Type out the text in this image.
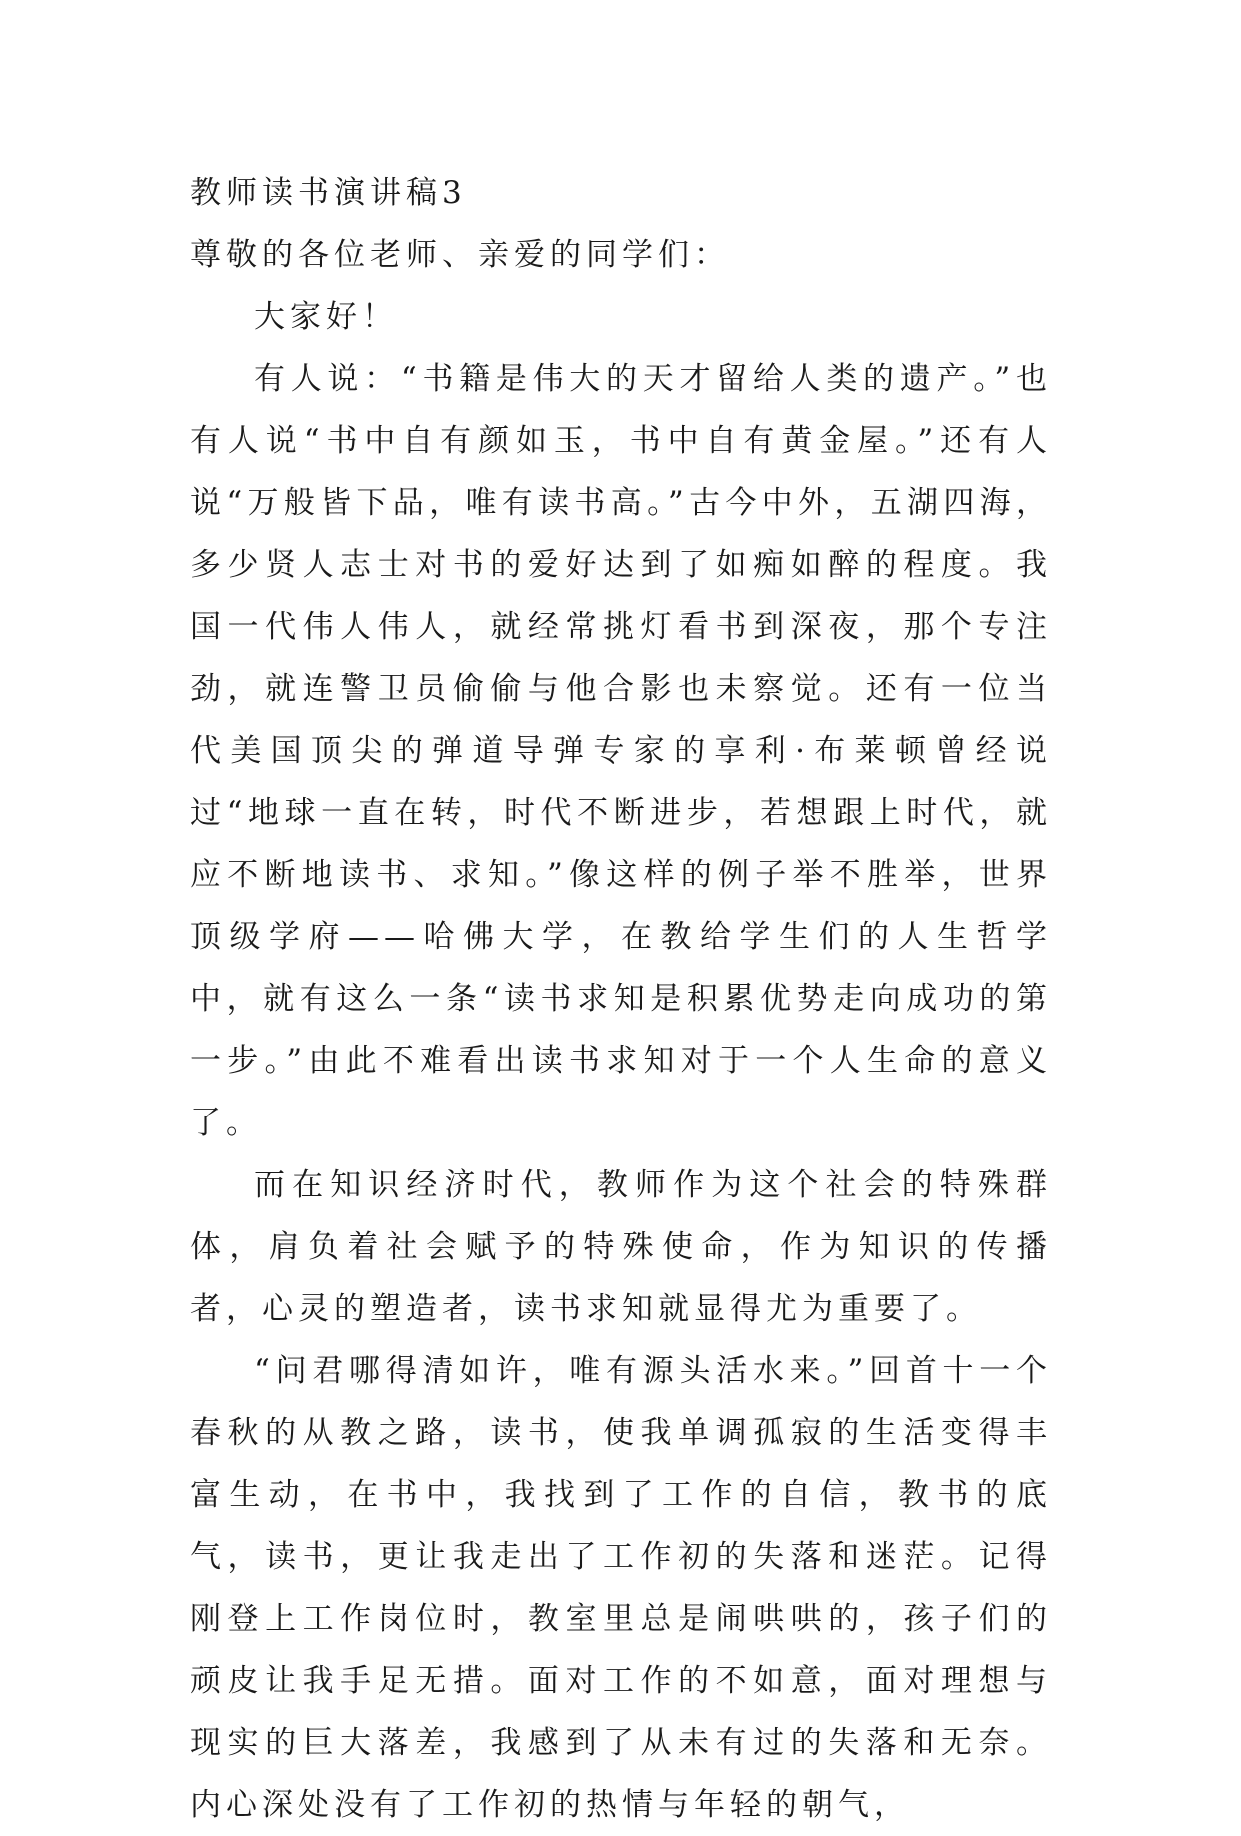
教师读书演讲稿3

尊敬的各位老师、亲爱的同学们：

大家好！

有人说：“书籍是伟大的天才留给人类的遗产。”也有人说“书中自有颜如玉，书中自有黄金屋。”还有人说“万般皆下品，唯有读书高。”古今中外，五湖四海，多少贤人志士对书的爱好达到了如痴如醉的程度。我国一代伟人伟人，就经常挑灯看书到深夜，那个专注劲，就连警卫员偷偷与他合影也未察觉。还有一位当代美国顶尖的弹道导弹专家的享利·布莱顿曾经说过“地球一直在转，时代不断进步，若想跟上时代，就应不断地读书、求知。”像这样的例子举不胜举，世界顶级学府——哈佛大学，在教给学生们的人生哲学中，就有这么一条“读书求知是积累优势走向成功的第一步。”由此不难看出读书求知对于一个人生命的意义了。

而在知识经济时代，教师作为这个社会的特殊群体，肩负着社会赋予的特殊使命，作为知识的传播者，心灵的塑造者，读书求知就显得尤为重要了。

“问君哪得清如许，唯有源头活水来。”回首十一个春秋的从教之路，读书，使我单调孤寂的生活变得丰富生动，在书中，我找到了工作的自信，教书的底气，读书，更让我走出了工作初的失落和迷茫。记得刚登上工作岗位时，教室里总是闹哄哄的，孩子们的顽皮让我手足无措。面对工作的不如意，面对理想与现实的巨大落差，我感到了从未有过的失落和无奈。内心深处没有了工作初的热情与年轻的朝气，
